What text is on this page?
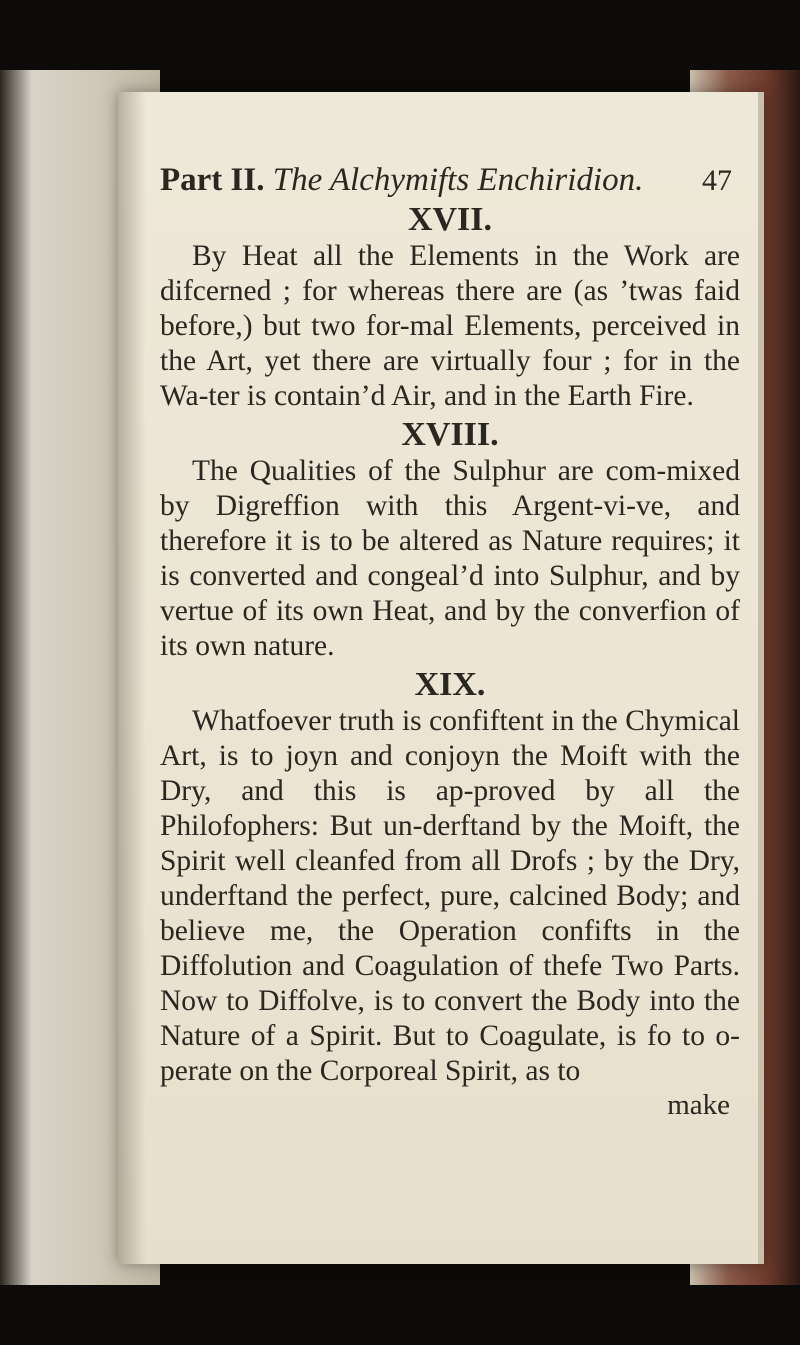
Part II. The Alchymifts Enchiridion. 47
XVII.

By Heat all the Elements in the Work are difcerned ; for whereas there are (as ’twas faid before,) but two for-mal Elements, perceived in the Art, yet there are virtually four ; for in the Wa-ter is contain’d Air, and in the Earth Fire.

XVIII.

The Qualities of the Sulphur are com-mixed by Digreffion with this Argent-vi-ve, and therefore it is to be altered as Nature requires; it is converted and congeal’d into Sulphur, and by vertue of its own Heat, and by the converfion of its own nature.

XIX.

Whatfoever truth is confiftent in the Chymical Art, is to joyn and conjoyn the Moift with the Dry, and this is ap-proved by all the Philofophers: But un-derftand by the Moift, the Spirit well cleanfed from all Drofs ; by the Dry, underftand the perfect, pure, calcined Body; and believe me, the Operation confifts in the Diffolution and Coagulation of thefe Two Parts. Now to Diffolve, is to convert the Body into the Nature of a Spirit. But to Coagulate, is fo to o-perate on the Corporeal Spirit, as to

make
